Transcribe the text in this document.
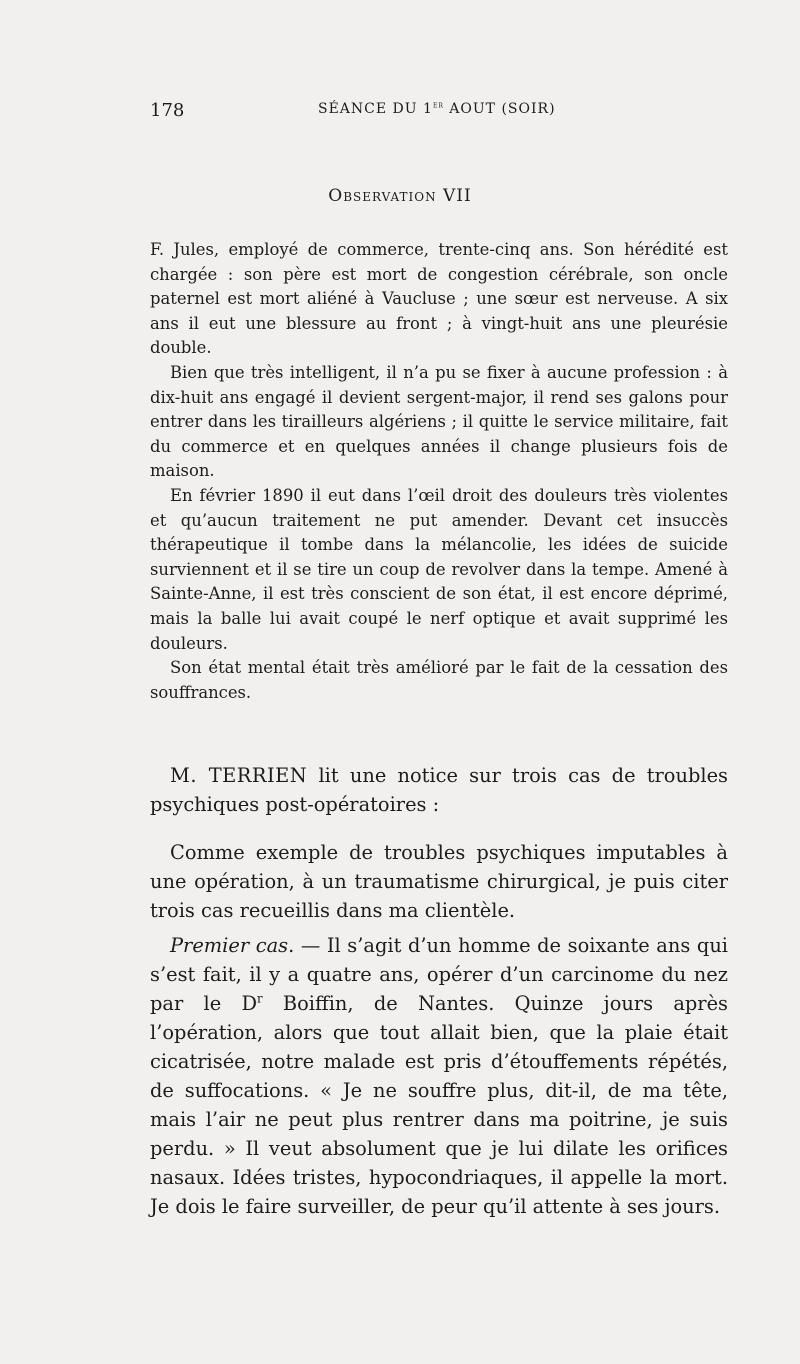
178	SÉANCE DU 1er AOUT (SOIR)
Observation VII

F. Jules, employé de commerce, trente-cinq ans. Son hérédité est chargée : son père est mort de congestion cérébrale, son oncle paternel est mort aliéné à Vaucluse ; une sœur est nerveuse. A six ans il eut une blessure au front ; à vingt-huit ans une pleurésie double.

Bien que très intelligent, il n’a pu se fixer à aucune profession : à dix-huit ans engagé il devient sergent-major, il rend ses galons pour entrer dans les tirailleurs algériens ; il quitte le service militaire, fait du commerce et en quelques années il change plusieurs fois de maison.

En février 1890 il eut dans l’œil droit des douleurs très violentes et qu’aucun traitement ne put amender. Devant cet insuccès thérapeutique il tombe dans la mélancolie, les idées de suicide surviennent et il se tire un coup de revolver dans la tempe. Amené à Sainte-Anne, il est très conscient de son état, il est encore déprimé, mais la balle lui avait coupé le nerf optique et avait supprimé les douleurs.

Son état mental était très amélioré par le fait de la cessation des souffrances.

M. TERRIEN lit une notice sur trois cas de troubles psychiques post-opératoires :

Comme exemple de troubles psychiques imputables à une opération, à un traumatisme chirurgical, je puis citer trois cas recueillis dans ma clientèle.

Premier cas. — Il s’agit d’un homme de soixante ans qui s’est fait, il y a quatre ans, opérer d’un carcinome du nez par le $D^r$ Boiffin, de Nantes. Quinze jours après l’opération, alors que tout allait bien, que la plaie était cicatrisée, notre malade est pris d’étouffements répétés, de suffocations. « Je ne souffre plus, dit-il, de ma tête, mais l’air ne peut plus rentrer dans ma poitrine, je suis perdu. » Il veut absolument que je lui dilate les orifices nasaux. Idées tristes, hypocondriaques, il appelle la mort. Je dois le faire surveiller, de peur qu’il attente à ses jours.
